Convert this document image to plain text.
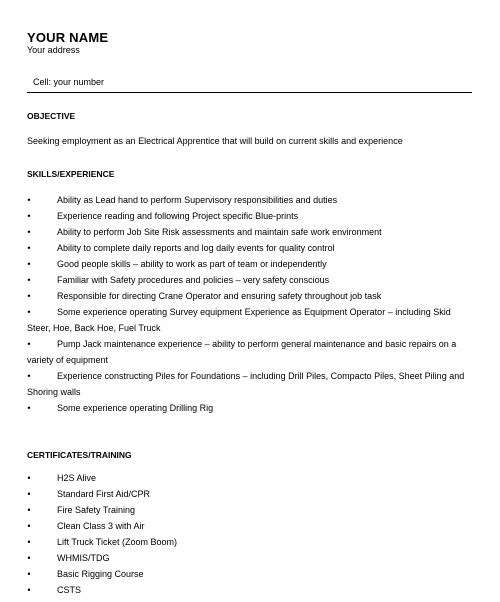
YOUR NAME
Your address
Cell: your number
OBJECTIVE
Seeking employment as an Electrical Apprentice that will build on current skills and experience
SKILLS/EXPERIENCE
•	Ability as Lead hand to perform Supervisory responsibilities and duties
•	Experience reading and following Project specific Blue-prints
•	Ability to perform Job Site Risk assessments and maintain safe work environment
•	Ability to complete daily reports and log daily events for quality control
•	Good people skills – ability to work as part of team or independently
•	Familiar with Safety procedures and policies – very safety conscious
•	Responsible for directing Crane Operator and ensuring safety throughout job task
•	Some experience operating Survey equipment Experience as Equipment Operator – including Skid Steer, Hoe, Back Hoe, Fuel Truck
•	Pump Jack maintenance experience – ability to perform general maintenance and basic repairs on a variety of equipment
•	Experience constructing Piles for Foundations – including Drill Piles, Compacto Piles, Sheet Piling and Shoring walls
•	Some experience operating Drilling Rig
CERTIFICATES/TRAINING
•	H2S Alive
•	Standard First Aid/CPR
•	Fire Safety Training
•	Clean Class 3 with Air
•	Lift Truck Ticket (Zoom Boom)
•	WHMIS/TDG
•	Basic Rigging Course
•	CSTS
